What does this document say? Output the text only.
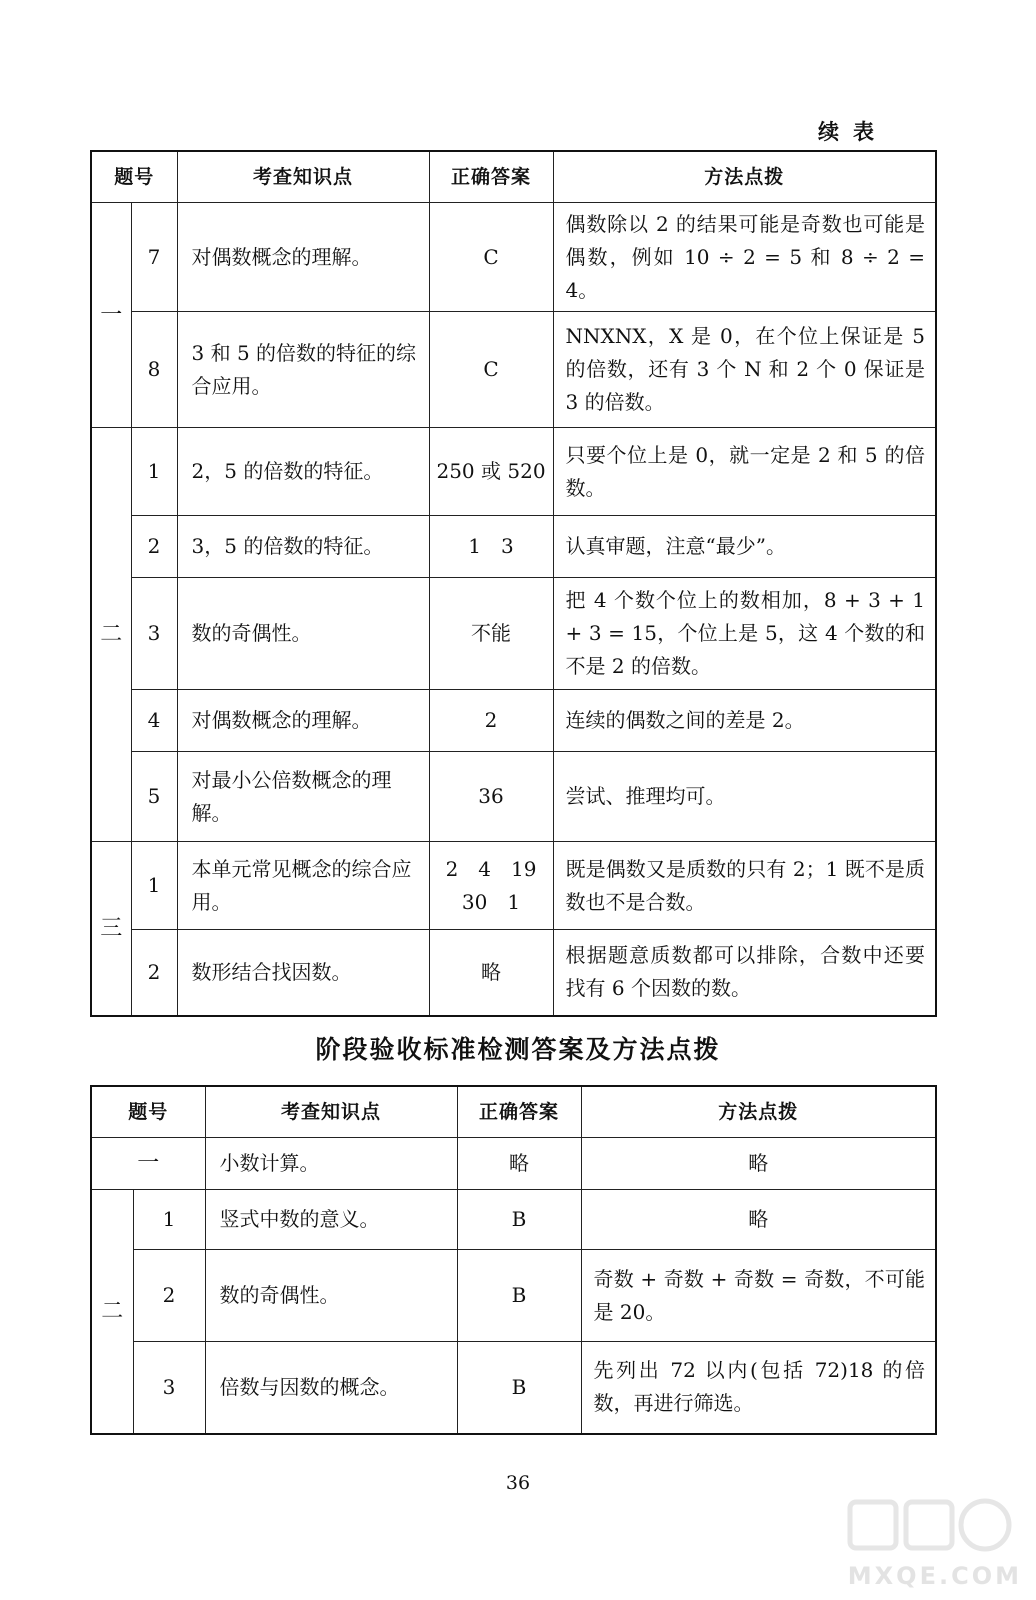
续表
题号		考查知识点	正确答案	方法点拨
一	7	对偶数概念的理解。	C	偶数除以 2 的结果可能是奇数也可能是偶数，例如 10 ÷ 2 = 5 和 8 ÷ 2 = 4。
	8	3 和 5 的倍数的特征的综合应用。	C	NNXNX，X 是 0，在个位上保证是 5 的倍数，还有 3 个 N 和 2 个 0 保证是 3 的倍数。
二	1	2，5 的倍数的特征。	250 或 520	只要个位上是 0，就一定是 2 和 5 的倍数。
	2	3，5 的倍数的特征。	1　3	认真审题，注意“最少”。
	3	数的奇偶性。	不能	把 4 个数个位上的数相加，8 + 3 + 1 + 3 = 15，个位上是 5，这 4 个数的和不是 2 的倍数。
	4	对偶数概念的理解。	2	连续的偶数之间的差是 2。
	5	对最小公倍数概念的理解。	36	尝试、推理均可。
三	1	本单元常见概念的综合应用。	2　4　19　30　1	既是偶数又是质数的只有 2；1 既不是质数也不是合数。
	2	数形结合找因数。	略	根据题意质数都可以排除，合数中还要找有 6 个因数的数。
阶段验收标准检测答案及方法点拨
题号		考查知识点	正确答案	方法点拨
一		小数计算。	略	略
二	1	竖式中数的意义。	B	略
	2	数的奇偶性。	B	奇数 + 奇数 + 奇数 = 奇数，不可能是 20。
	3	倍数与因数的概念。	B	先列出 72 以内(包括 72)18 的倍数，再进行筛选。
36
MXQE.COM
